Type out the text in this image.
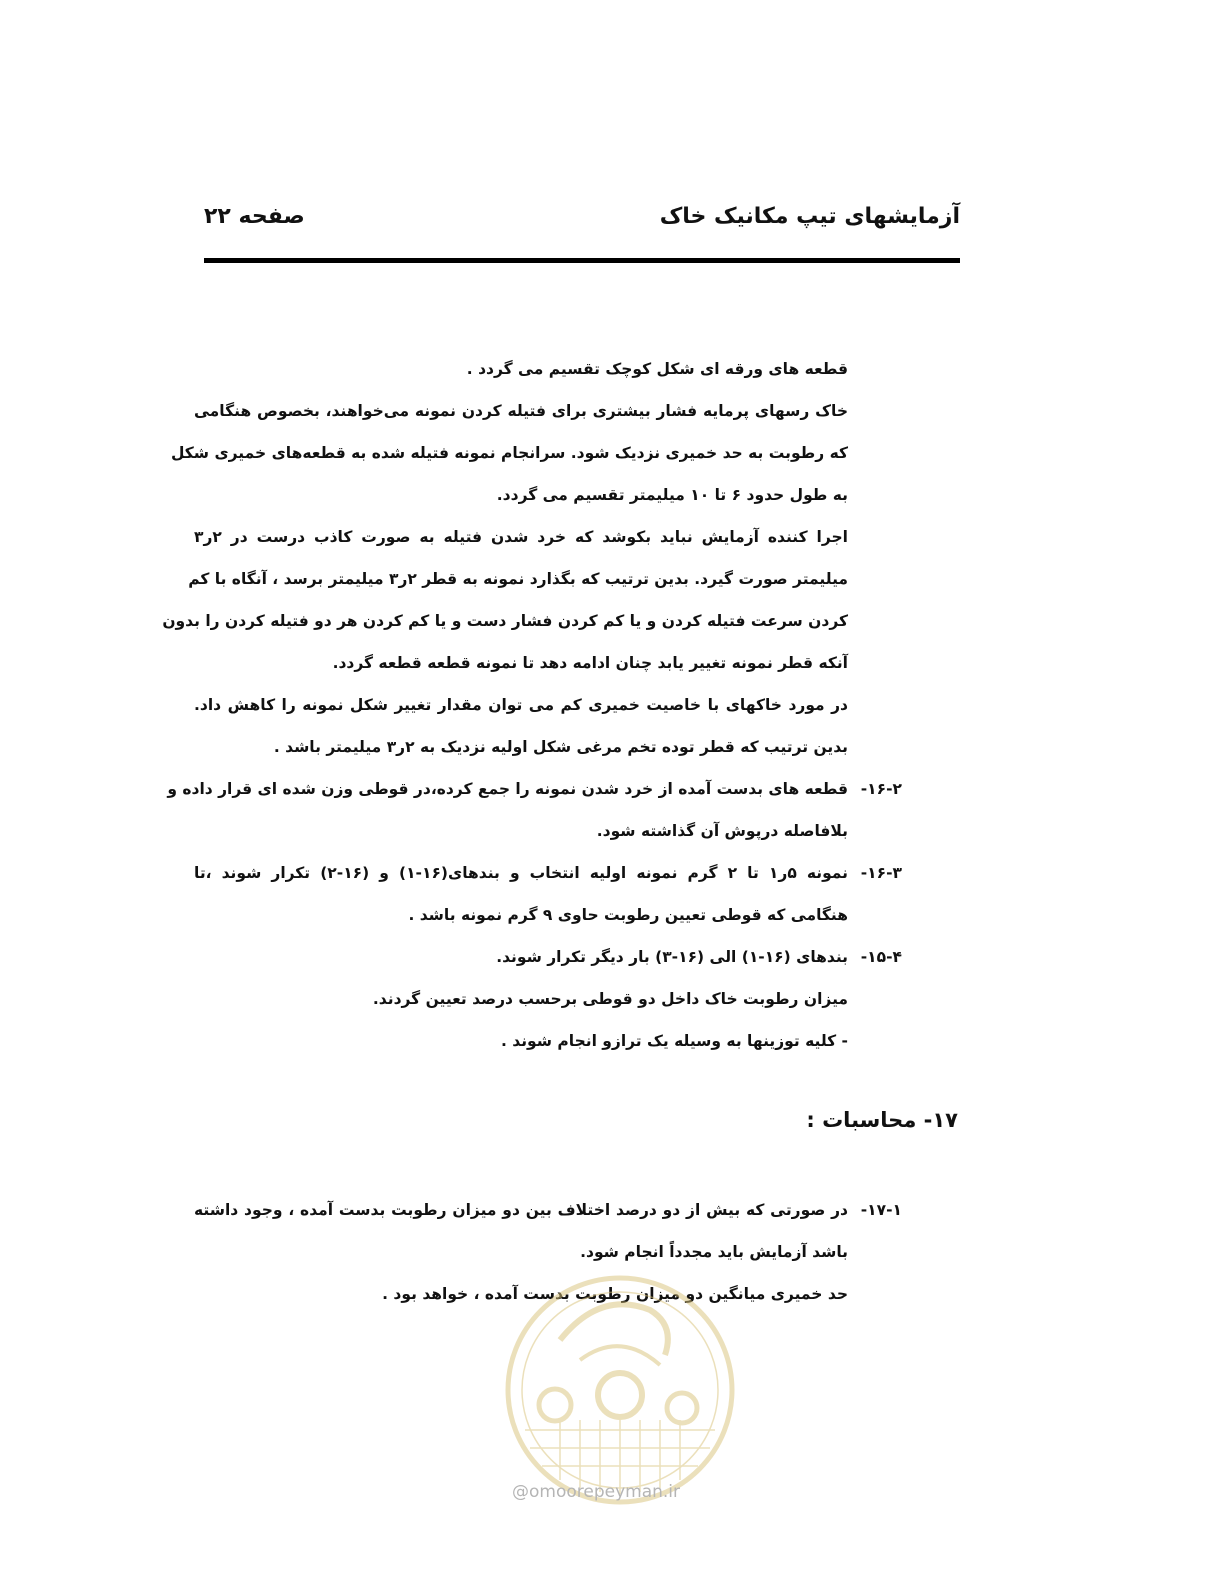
آزمایشهای تیپ مکانیک خاک
صفحه ۲۲
قطعه های ورقه ای شکل کوچک تقسیم می گردد .
خاک رسهای پرمایه فشار بیشتری برای فتیله کردن نمونه می‌خواهند، بخصوص هنگامی
که رطوبت به حد خمیری نزدیک شود. سرانجام نمونه فتیله شده به قطعه‌های خمیری شکل
به طول حدود ۶ تا ۱۰ میلیمتر تقسیم می گردد.
اجرا کننده آزمایش نباید بکوشد که خرد شدن فتیله به صورت کاذب درست در ۲ر۳
میلیمتر صورت گیرد. بدین ترتیب که بگذارد نمونه به قطر ۲ر۳ میلیمتر برسد ، آنگاه با کم
کردن سرعت فتیله کردن و یا کم کردن فشار دست و یا کم کردن هر دو فتیله کردن را بدون
آنکه قطر نمونه تغییر یابد چنان ادامه دهد تا نمونه قطعه قطعه گردد.
در مورد خاکهای با خاصیت خمیری کم می توان مقدار تغییر شکل نمونه را کاهش داد.
بدین ترتیب که قطر توده تخم مرغی شکل اولیه نزدیک به ۲ر۳ میلیمتر باشد .
۱۶-۲-
قطعه های بدست آمده از خرد شدن نمونه را جمع کرده،در قوطی وزن شده ای قرار داده و
بلافاصله درپوش آن گذاشته شود.
۱۶-۳-
نمونه ۵ر۱ تا ۲ گرم نمونه اولیه انتخاب و بندهای(۱۶-۱) و (۱۶-۲) تکرار شوند ،تا
هنگامی که قوطی تعیین رطوبت حاوی ۹ گرم نمونه باشد .
۱۵-۴-
بندهای (۱۶-۱) الی (۱۶-۳) بار دیگر تکرار شوند.
میزان رطوبت خاک داخل دو قوطی برحسب درصد تعیین گردند.
- کلیه توزینها به وسیله یک ترازو انجام شوند .
۱۷- محاسبات :
۱۷-۱-
در صورتی که بیش از دو درصد اختلاف بین دو میزان رطوبت بدست آمده ، وجود داشته
باشد آزمایش باید مجدداً انجام شود.
حد خمیری میانگین دو میزان رطوبت بدست آمده ، خواهد بود .
@omoorepeyman.ir
